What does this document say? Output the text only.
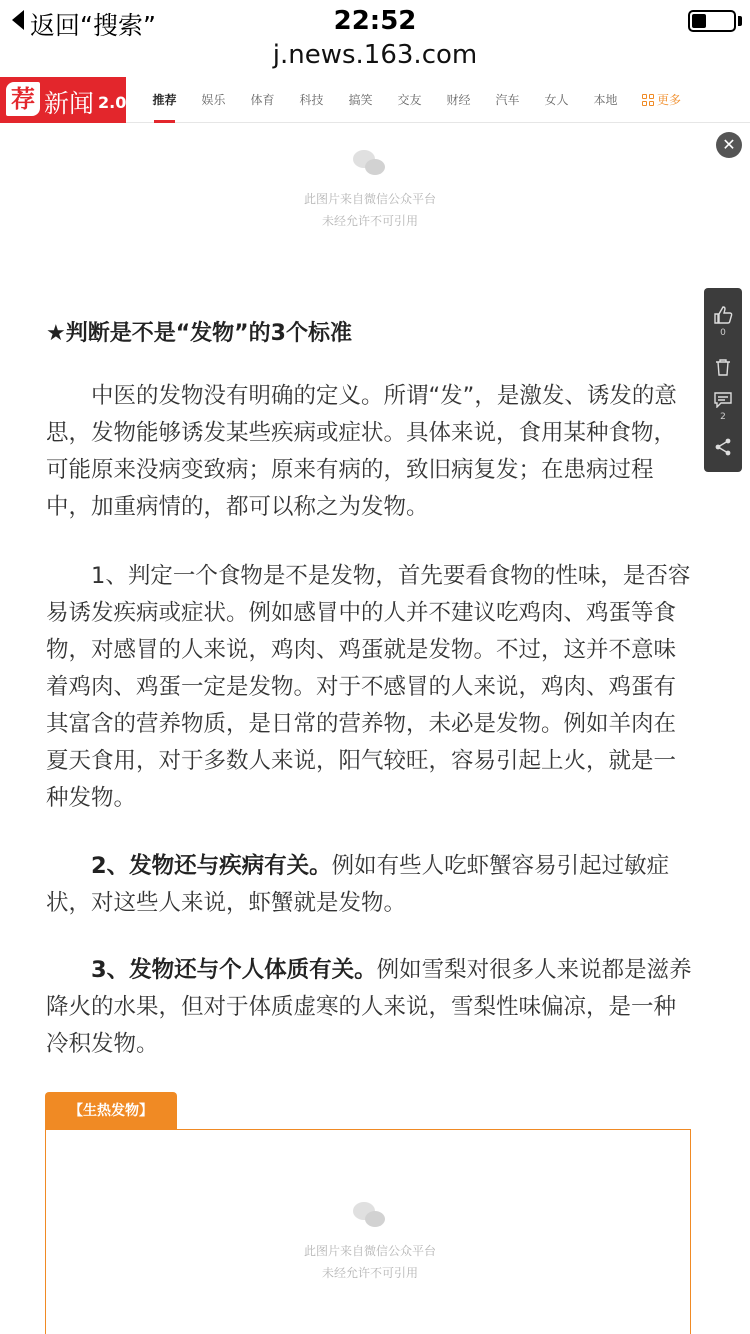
返回“搜索”	22:52
j.news.163.com
荐 新闻 2.0	推荐	娱乐	体育	科技	搞笑	交友	财经	汽车	女人	本地	更多
✕
此图片来自微信公众平台
未经允许不可引用
0
2
★判断是不是“发物”的3个标准

中医的发物没有明确的定义。所谓“发”，是激发、诱发的意思，发物能够诱发某些疾病或症状。具体来说，食用某种食物，可能原来没病变致病；原来有病的，致旧病复发；在患病过程中，加重病情的，都可以称之为发物。

1、判定一个食物是不是发物，首先要看食物的性味，是否容易诱发疾病或症状。例如感冒中的人并不建议吃鸡肉、鸡蛋等食物，对感冒的人来说，鸡肉、鸡蛋就是发物。不过，这并不意味着鸡肉、鸡蛋一定是发物。对于不感冒的人来说，鸡肉、鸡蛋有其富含的营养物质，是日常的营养物，未必是发物。例如羊肉在夏天食用，对于多数人来说，阳气较旺，容易引起上火，就是一种发物。

2、发物还与疾病有关。例如有些人吃虾蟹容易引起过敏症状，对这些人来说，虾蟹就是发物。

3、发物还与个人体质有关。例如雪梨对很多人来说都是滋养降火的水果，但对于体质虚寒的人来说，雪梨性味偏凉，是一种冷积发物。

【生热发物】
此图片来自微信公众平台
未经允许不可引用
